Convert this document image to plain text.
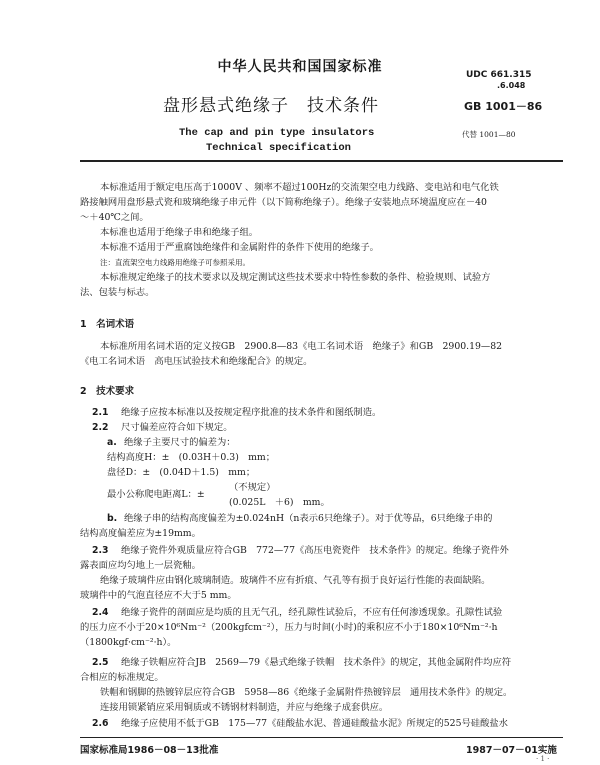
中华人民共和国国家标准	UDC 661.315
.6.048
盘形悬式绝缘子　技术条件	GB 1001－86
The cap and pin type insulators
Technical specification
代替 1001—80
本标准适用于额定电压高于1000V 、频率不超过100Hz的交流架空电力线路、变电站和电气化铁
路接触网用盘形悬式瓷和玻璃绝缘子串元件（以下简称绝缘子）。绝缘子安装地点环境温度应在－40
～＋40℃之间。
本标准也适用于绝缘子串和绝缘子组。
本标准不适用于严重腐蚀绝缘件和金属附件的条件下使用的绝缘子。
注：直流架空电力线路用绝缘子可参照采用。
本标准规定绝缘子的技术要求以及规定测试这些技术要求中特性参数的条件、检验规则、试验方
法、包装与标志。
1　名词术语
本标准所用名词术语的定义按GB　2900.8—83《电工名词术语　绝缘子》和GB　2900.19—82
《电工名词术语　高电压试验技术和绝缘配合》的规定。
2　技术要求
2.1 绝缘子应按本标准以及按规定程序批准的技术条件和图纸制造。
2.2 尺寸偏差应符合如下规定。
a. 绝缘子主要尺寸的偏差为：
结构高度H：±　(0.03H＋0.3)　mm；
盘径D：±　(0.04D＋1.5)　mm；
最小公称爬电距离L：±
（不规定）
(0.025L　＋6)　mm。
b. 绝缘子串的结构高度偏差为±0.024nH（n表示6只绝缘子）。对于优等品，6只绝缘子串的
结构高度偏差应为±19mm。
2.3 绝缘子瓷件外观质量应符合GB　772—77《高压电瓷瓷件　技术条件》的规定。绝缘子瓷件外
露表面应均匀地上一层瓷釉。
绝缘子玻璃件应由钢化玻璃制造。玻璃件不应有折痕、气孔等有损于良好运行性能的表面缺陷。
玻璃件中的气泡直径应不大于5 mm。
2.4 绝缘子瓷件的剖面应是均质的且无气孔，经孔隙性试验后，不应有任何渗透现象。孔隙性试验
的压力应不小于20×10⁶Nm⁻²（200kgfcm⁻²），压力与时间(小时)的乘积应不小于180×10⁶Nm⁻²·h
（1800kgf·cm⁻²·h）。
2.5 绝缘子铁帽应符合JB　2569—79《悬式绝缘子铁帽　技术条件》的规定，其他金属附件均应符
合相应的标准规定。
铁帽和钢脚的热镀锌层应符合GB　5958—86《绝缘子金属附件热镀锌层　通用技术条件》的规定。
连接用锁紧销应采用铜质或不锈钢材料制造，并应与绝缘子成套供应。
2.6 绝缘子应使用不低于GB　175—77《硅酸盐水泥、普通硅酸盐水泥》所规定的525号硅酸盐水
国家标准局1986－08－13批准	1987－07－01实施
· 1 ·
